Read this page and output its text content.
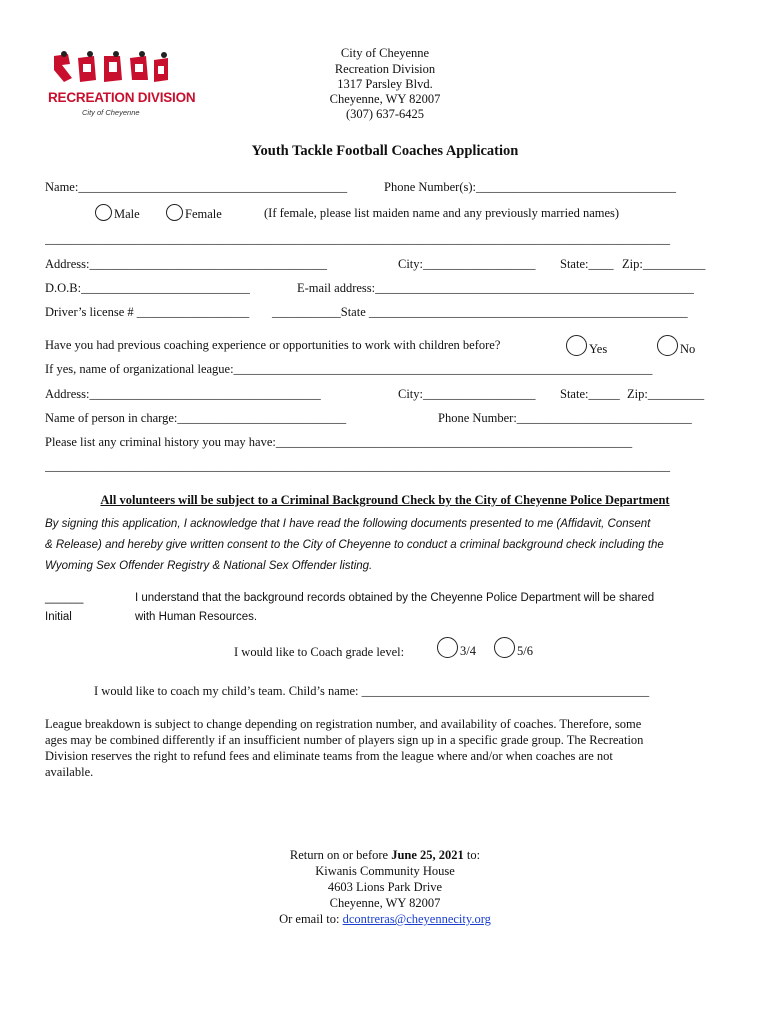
RECREATION DIVISION
City of Cheyenne
City of Cheyenne
Recreation Division
1317 Parsley Blvd.
Cheyenne, WY 82007
(307) 637-6425
Youth Tackle Football Coaches Application
Name:___________________________________________	Phone Number(s):________________________________
Male	Female	(If female, please list maiden name and any previously married names)
____________________________________________________________________________________________________
Address:______________________________________	City:__________________ State:____ Zip:__________
D.O.B:___________________________	E-mail address:___________________________________________________
Driver’s license # __________________ ___________State ___________________________________________________
Have you had previous coaching experience or opportunities to work with children before?	Yes	No
If yes, name of organizational league:___________________________________________________________________
Address:_____________________________________	City:__________________ State:_____ Zip:_________
Name of person in charge:___________________________	Phone Number:____________________________
Please list any criminal history you may have:_________________________________________________________
____________________________________________________________________________________________________
All volunteers will be subject to a Criminal Background Check by the City of Cheyenne Police Department
By signing this application, I acknowledge that I have read the following documents presented to me (Affidavit, Consent
& Release) and hereby give written consent to the City of Cheyenne to conduct a criminal background check including the
Wyoming Sex Offender Registry & National Sex Offender listing.
______
Initial
I understand that the background records obtained by the Cheyenne Police Department will be shared
with Human Resources.
I would like to Coach grade level:	3/4	5/6
I would like to coach my child’s team. Child’s name: ______________________________________________
League breakdown is subject to change depending on registration number, and availability of coaches. Therefore, some
ages may be combined differently if an insufficient number of players sign up in a specific grade group. The Recreation
Division reserves the right to refund fees and eliminate teams from the league where and/or when coaches are not
available.
Return on or before June 25, 2021 to:
Kiwanis Community House
4603 Lions Park Drive
Cheyenne, WY 82007
Or email to: dcontreras@cheyennecity.org
